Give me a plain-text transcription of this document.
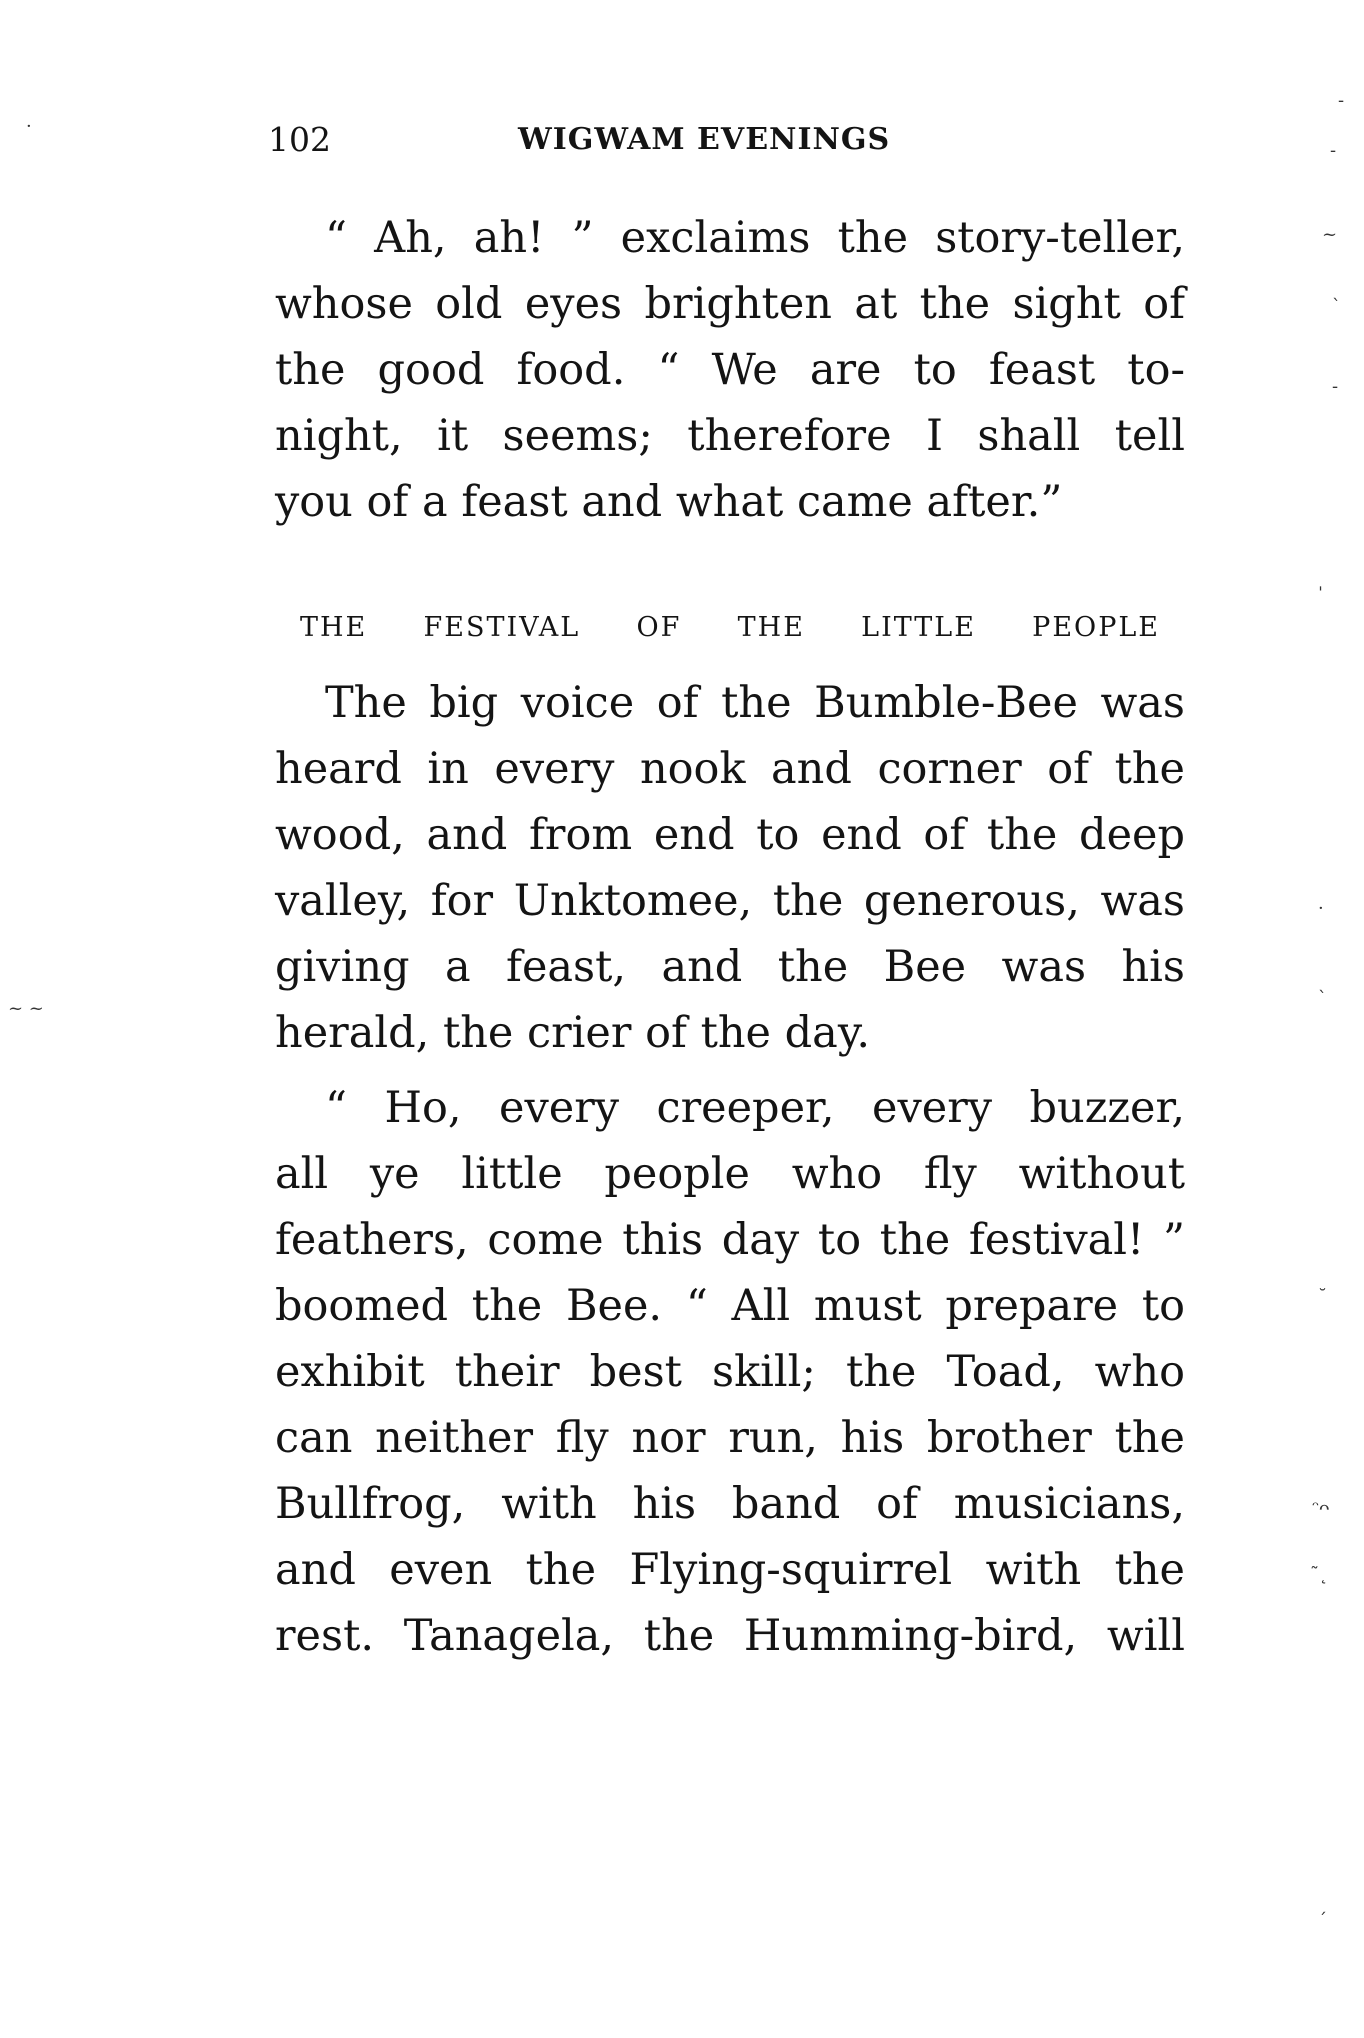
102	WIGWAM EVENINGS
“ Ah, ah! ” exclaims the story-teller,
whose old eyes brighten at the sight of
the good food. “ We are to feast to-
night, it seems; therefore I shall tell
you of a feast and what came after.”
THE FESTIVAL OF THE LITTLE PEOPLE
The big voice of the Bumble-Bee was
heard in every nook and corner of the
wood, and from end to end of the deep
valley, for Unktomee, the generous, was
giving a feast, and the Bee was his
herald, the crier of the day.
“ Ho, every creeper, every buzzer,
all ye little people who fly without
feathers, come this day to the festival! ”
boomed the Bee. “ All must prepare to
exhibit their best skill; the Toad, who
can neither fly nor run, his brother the
Bullfrog, with his band of musicians,
and even the Flying-squirrel with the
rest. Tanagela, the Humming-bird, will
‐
‐
~
ˋ
‐
ˈ
·
ˋ
~ ~
˘
ᵔᴖ
˜˛
ˊ
·
